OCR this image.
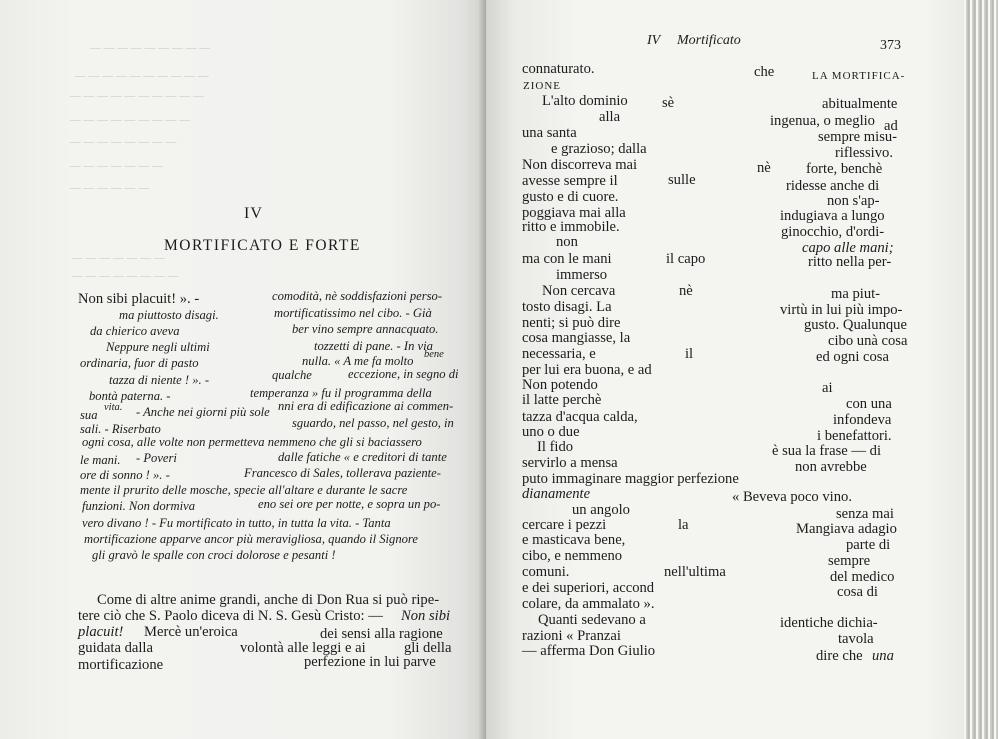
— — — — — — — — —
— — — — — — — — — —
— — — — — — — — — —
— — — — — — — — —
— — — — — — — —
— — — — — — —
— — — — — —
— — — — — — —
— — — — — — — —
IV
MORTIFICATO E FORTE
Non sibi placuit! ». -	comodità, nè soddisfazioni perso-
ma piuttosto disagi.	mortificatissimo nel cibo. - Già
da chierico aveva	ber vino sempre annacquato.
Neppure negli ultimi	tozzetti di pane. - In via
ordinaria, fuor di pasto	nulla. « A me fa molto bene
tazza di niente ! ». -	qualche	eccezione, in segno di
bontà paterna. -	temperanza » fu il programma della
sua
vita. - Anche nei giorni più sole nni era di edificazione ai commen-
sali. - Riserbato	sguardo, nel passo, nel gesto, in
ogni cosa, alle volte non permetteva nemmeno che gli si baciassero
le mani. - Poveri	dalle fatiche « e creditori di tante
ore di sonno ! ». -	Francesco di Sales, tollerava paziente-
mente il prurito delle mosche, specie all'altare e durante le sacre
funzioni. Non dormiva	eno sei ore per notte, e sopra un po-
vero divano ! - Fu mortificato in tutto, in tutta la vita. - Tanta
mortificazione apparve ancor più meravigliosa, quando il Signore
gli gravò le spalle con croci dolorose e pesanti !
Come di altre anime grandi, anche di Don Rua si può ripe-
tere ciò che S. Paolo diceva di N. S. Gesù Cristo: — Non sibi
placuit! Mercè un'eroica	dei sensi alla ragione
guidata dalla	volontà alle leggi e ai	gli della
mortificazione	perfezione in lui parve
IV Mortificato	373
connaturato.
ZIONE
che	LA MORTIFICA-
L'alto dominio sè
alla
abitualmente
una santa
ingenua, o meglio ad
sempre misu-
e grazioso; dalla	riflessivo.
Non discorreva mai	nè forte, benchè
avesse sempre il	sulle	ridesse anche di
gusto e di cuore.	non s'ap-
poggiava mai alla	indugiava a lungo
ritto e immobile.	ginocchio, d'ordi-
non	capo alle mani;
ma con le mani	il capo	ritto nella per-
immerso
Non cercava	nè	ma piut-
tosto disagi. La	virtù in lui più impo-
nenti; si può dire	gusto. Qualunque
cosa mangiasse, la	cibo unà cosa
necessaria, e	il	ed ogni cosa
per lui era buona, e ad
Non potendo	ai
il latte perchè	con una
tazza d'acqua calda,	infondeva
uno o due	i benefattori.
Il fido	è sua la frase — di
servirlo a mensa	non avrebbe
puto immaginare maggior perfezione
dianamente	« Beveva poco vino.
un angolo	senza mai
cercare i pezzi	la	Mangiava adagio
e masticava bene,	parte di
cibo, e nemmeno	sempre
comuni.	nell'ultima	del medico
e dei superiori, accond	cosa di
colare, da ammalato ».
Quanti sedevano a	identiche dichia-
razioni « Pranzai	tavola
— afferma Don Giulio	dire che una
